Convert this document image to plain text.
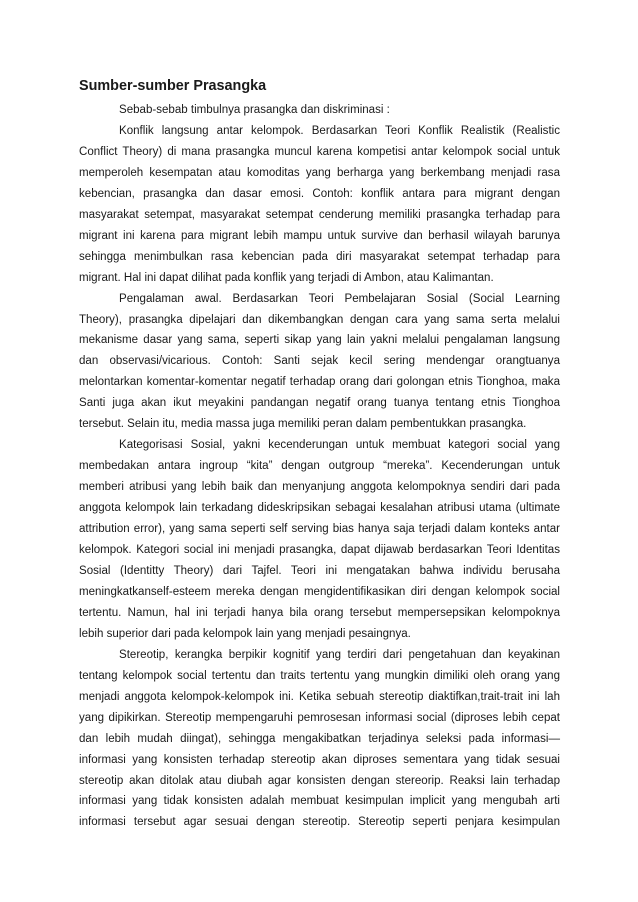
Sumber-sumber Prasangka
Sebab-sebab timbulnya prasangka dan diskriminasi :
Konflik langsung antar kelompok. Berdasarkan Teori Konflik Realistik (Realistic
Conflict Theory) di mana prasangka muncul karena kompetisi antar kelompok social untuk
memperoleh kesempatan atau komoditas yang berharga yang berkembang menjadi rasa
kebencian, prasangka dan dasar emosi. Contoh: konflik antara para migrant dengan
masyarakat setempat, masyarakat setempat cenderung memiliki prasangka terhadap para
migrant ini karena para migrant lebih mampu untuk survive dan berhasil wilayah barunya
sehingga menimbulkan rasa kebencian pada diri masyarakat setempat terhadap para
migrant. Hal ini dapat dilihat pada konflik yang terjadi di Ambon, atau Kalimantan.
Pengalaman awal. Berdasarkan Teori Pembelajaran Sosial (Social Learning
Theory), prasangka dipelajari dan dikembangkan dengan cara yang sama serta melalui
mekanisme dasar yang sama, seperti sikap yang lain yakni melalui pengalaman langsung
dan observasi/vicarious. Contoh: Santi sejak kecil sering mendengar orangtuanya
melontarkan komentar-komentar negatif terhadap orang dari golongan etnis Tionghoa, maka
Santi juga akan ikut meyakini pandangan negatif orang tuanya tentang etnis Tionghoa
tersebut. Selain itu, media massa juga memiliki peran dalam pembentukkan prasangka.
Kategorisasi Sosial, yakni kecenderungan untuk membuat kategori social yang
membedakan antara ingroup “kita” dengan outgroup “mereka”. Kecenderungan untuk
memberi atribusi yang lebih baik dan menyanjung anggota kelompoknya sendiri dari pada
anggota kelompok lain terkadang dideskripsikan sebagai kesalahan atribusi utama (ultimate
attribution error), yang sama seperti self serving bias hanya saja terjadi dalam konteks antar
kelompok. Kategori social ini menjadi prasangka, dapat dijawab berdasarkan Teori Identitas
Sosial (Identitty Theory) dari Tajfel. Teori ini mengatakan bahwa individu berusaha
meningkatkanself-esteem mereka dengan mengidentifikasikan diri dengan kelompok social
tertentu. Namun, hal ini terjadi hanya bila orang tersebut mempersepsikan kelompoknya
lebih superior dari pada kelompok lain yang menjadi pesaingnya.
Stereotip, kerangka berpikir kognitif yang terdiri dari pengetahuan dan keyakinan
tentang kelompok social tertentu dan traits tertentu yang mungkin dimiliki oleh orang yang
menjadi anggota kelompok-kelompok ini. Ketika sebuah stereotip diaktifkan,trait-trait ini lah
yang dipikirkan. Stereotip mempengaruhi pemrosesan informasi social (diproses lebih cepat
dan lebih mudah diingat), sehingga mengakibatkan terjadinya seleksi pada informasi—
informasi yang konsisten terhadap stereotip akan diproses sementara yang tidak sesuai
stereotip akan ditolak atau diubah agar konsisten dengan stereorip. Reaksi lain terhadap
informasi yang tidak konsisten adalah membuat kesimpulan implicit yang mengubah arti
informasi tersebut agar sesuai dengan stereotip. Stereotip seperti penjara kesimpulan
